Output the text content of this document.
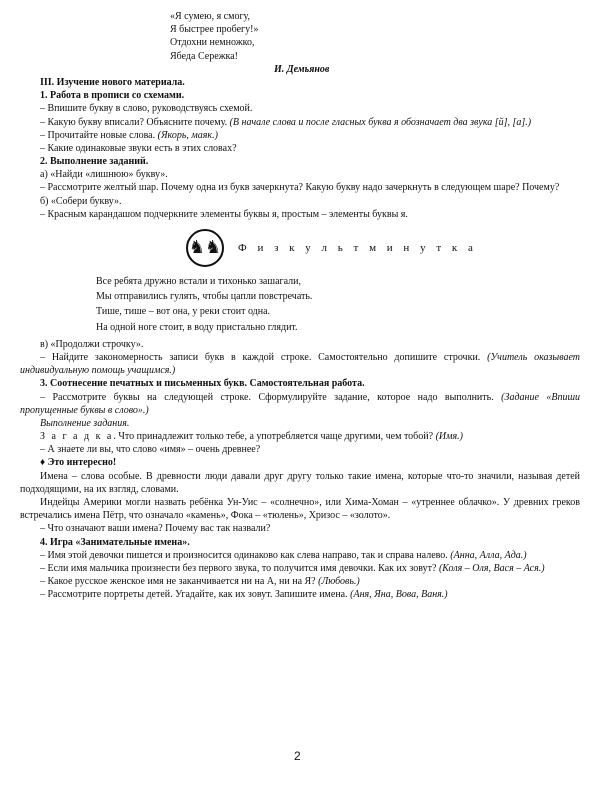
«Я сумею, я смогу,
Я быстрее пробегу!»
Отдохни немножко,
Ябеда Сережка!
И. Демьянов

III. Изучение нового материала.

1. Работа в прописи со схемами.

– Впишите букву в слово, руководствуясь схемой.

– Какую букву вписали? Объясните почему. (В начале слова и после гласных буква я обозначает два звука [й], [а].)

– Прочитайте новые слова. (Якорь, маяк.)

– Какие одинаковые звуки есть в этих словах?

2. Выполнение заданий.

а) «Найди «лишнюю» букву».

– Рассмотрите желтый шар. Почему одна из букв зачеркнута? Какую букву надо зачеркнуть в следующем шаре? Почему?

б) «Собери букву».

– Красным карандашом подчеркните элементы буквы я, простым – элементы буквы я.

♞♞ Ф и з к у л ь т м и н у т к а
Все ребята дружно встали и тихонько зашагали,
Мы отправились гулять, чтобы цапли повстречать.
Тише, тише – вот она, у реки стоит одна.
На одной ноге стоит, в воду пристально глядит.

в) «Продолжи строчку».

– Найдите закономерность записи букв в каждой строке. Самостоятельно допишите строчки. (Учитель оказывает индивидуальную помощь учащимся.)

3. Соотнесение печатных и письменных букв. Самостоятельная работа.

– Рассмотрите буквы на следующей строке. Сформулируйте задание, которое надо выполнить. (Задание «Впиши пропущенные буквы в слово».)

Выполнение задания.

З а г а д к а. Что принадлежит только тебе, а употребляется чаще другими, чем тобой? (Имя.)

– А знаете ли вы, что слово «имя» – очень древнее?

♦ Это интересно!

Имена – слова особые. В древности люди давали друг другу только такие имена, которые что-то значили, называя детей подходящими, на их взгляд, словами.

Индейцы Америки могли назвать ребёнка Ун-Уис – «солнечно», или Хима-Хоман – «утреннее облачко». У древних греков встречались имена Пётр, что означало «камень», Фока – «тюлень», Хризос – «золото».

– Что означают ваши имена? Почему вас так назвали?

4. Игра «Занимательные имена».

– Имя этой девочки пишется и произносится одинаково как слева направо, так и справа налево. (Анна, Алла, Ада.)

– Если имя мальчика произнести без первого звука, то получится имя девочки. Как их зовут? (Коля – Оля, Вася – Ася.)

– Какое русское женское имя не заканчивается ни на А, ни на Я? (Любовь.)

– Рассмотрите портреты детей. Угадайте, как их зовут. Запишите имена. (Аня, Яна, Вова, Ваня.)

2
